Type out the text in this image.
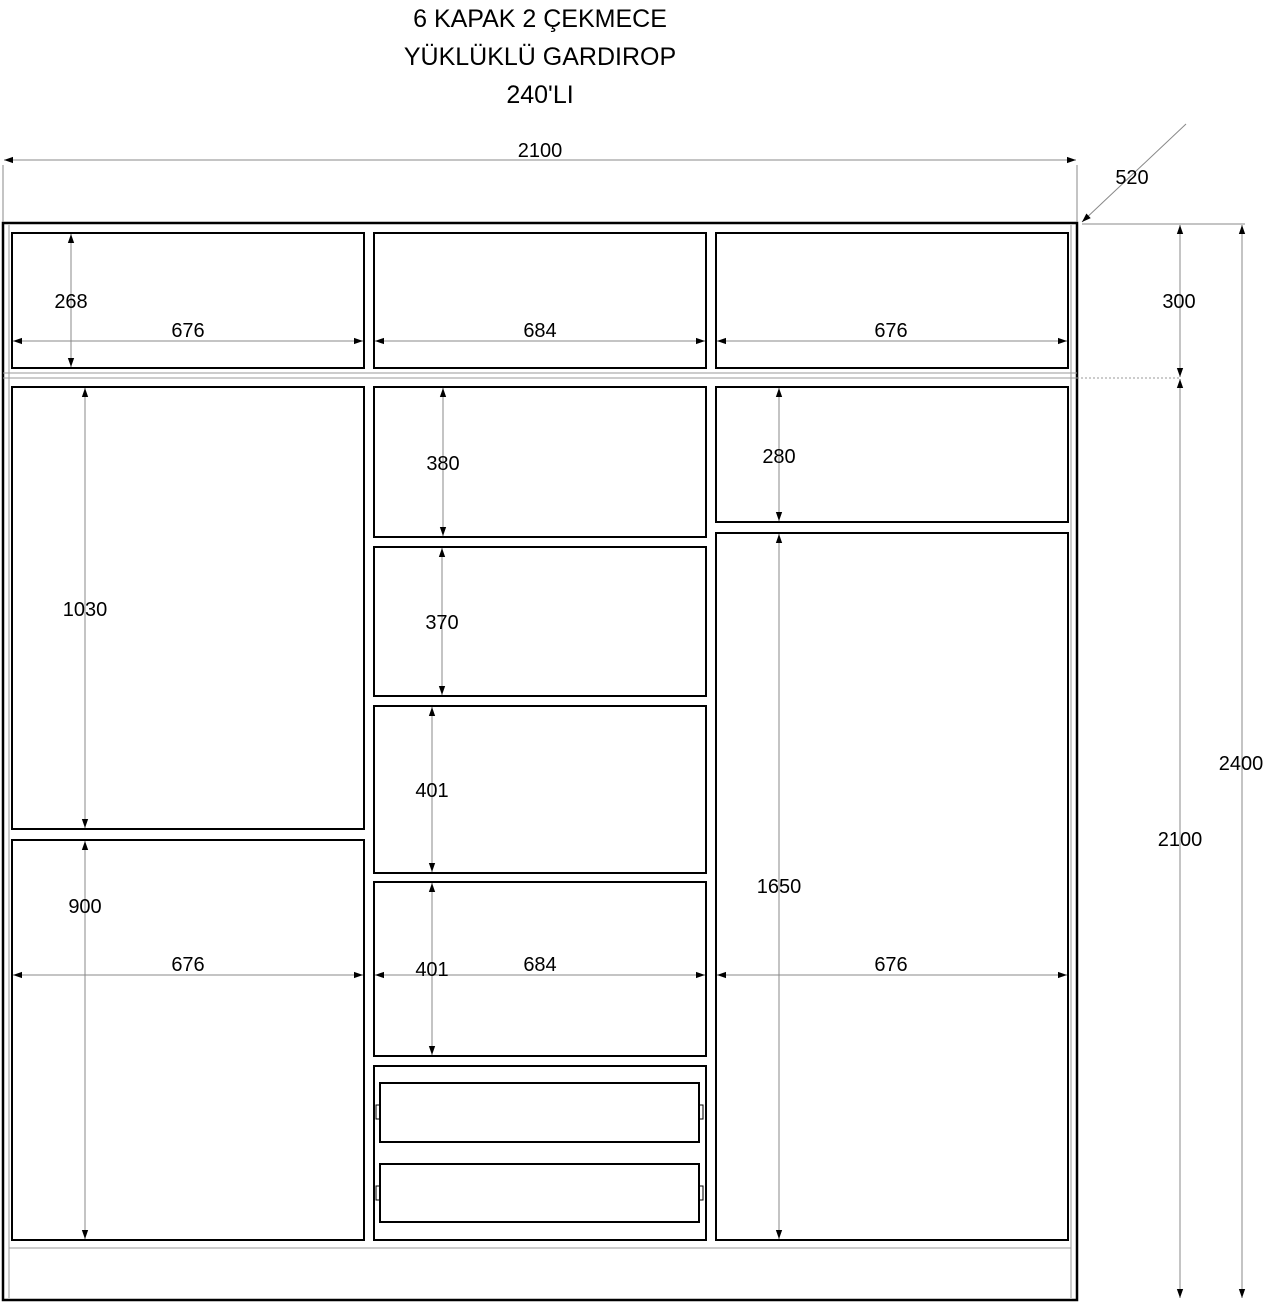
6 KAPAK 2 ÇEKMECE
YÜKLÜKLÜ GARDIROP
240'LI
2100
520
300
2100
2400
268
676	684	676
1030
900
676
380
370
401
401	684
280
1650
676
